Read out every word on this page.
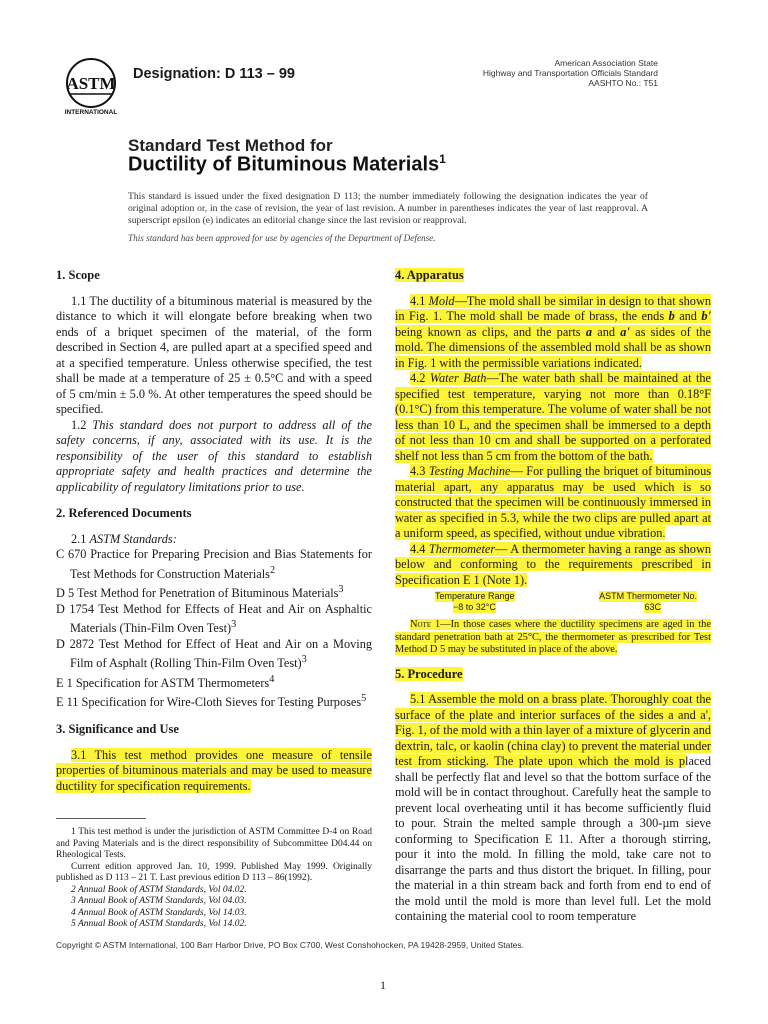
ASTM
INTERNATIONAL
Designation: D 113 – 99
American Association State
Highway and Transportation Officials Standard
AASHTO No.: T51
Standard Test Method for
Ductility of Bituminous Materials$^1$
This standard is issued under the fixed designation D 113; the number immediately following the designation indicates the year of original adoption or, in the case of revision, the year of last revision. A number in parentheses indicates the year of last reapproval. A superscript epsilon (e) indicates an editorial change since the last revision or reapproval.
This standard has been approved for use by agencies of the Department of Defense.
1. Scope

1.1 The ductility of a bituminous material is measured by the distance to which it will elongate before breaking when two ends of a briquet specimen of the material, of the form described in Section 4, are pulled apart at a specified speed and at a specified temperature. Unless otherwise specified, the test shall be made at a temperature of 25 ± 0.5°C and with a speed of 5 cm/min ± 5.0 %. At other temperatures the speed should be specified.

1.2 This standard does not purport to address all of the safety concerns, if any, associated with its use. It is the responsibility of the user of this standard to establish appropriate safety and health practices and determine the applicability of regulatory limitations prior to use.

2. Referenced Documents

2.1 ASTM Standards:

C 670 Practice for Preparing Precision and Bias Statements for Test Methods for Construction Materials$^2$

D 5 Test Method for Penetration of Bituminous Materials$^3$

D 1754 Test Method for Effects of Heat and Air on Asphaltic Materials (Thin-Film Oven Test)$^3$

D 2872 Test Method for Effect of Heat and Air on a Moving Film of Asphalt (Rolling Thin-Film Oven Test)$^3$

E 1 Specification for ASTM Thermometers$^4$

E 11 Specification for Wire-Cloth Sieves for Testing Purposes$^5$

3. Significance and Use

3.1 This test method provides one measure of tensile properties of bituminous materials and may be used to measure ductility for specification requirements.

1 This test method is under the jurisdiction of ASTM Committee D-4 on Road and Paving Materials and is the direct responsibility of Subcommittee D04.44 on Rheological Tests.

Current edition approved Jan. 10, 1999. Published May 1999. Originally published as D 113 – 21 T. Last previous edition D 113 – 86(1992).

2 Annual Book of ASTM Standards, Vol 04.02.

3 Annual Book of ASTM Standards, Vol 04.03.

4 Annual Book of ASTM Standards, Vol 14.03.

5 Annual Book of ASTM Standards, Vol 14.02.

4. Apparatus

4.1 Mold—The mold shall be similar in design to that shown in Fig. 1. The mold shall be made of brass, the ends b and b' being known as clips, and the parts a and a' as sides of the mold. The dimensions of the assembled mold shall be as shown in Fig. 1 with the permissible variations indicated.

4.2 Water Bath—The water bath shall be maintained at the specified test temperature, varying not more than 0.18°F (0.1°C) from this temperature. The volume of water shall be not less than 10 L, and the specimen shall be immersed to a depth of not less than 10 cm and shall be supported on a perforated shelf not less than 5 cm from the bottom of the bath.

4.3 Testing Machine— For pulling the briquet of bituminous material apart, any apparatus may be used which is so constructed that the specimen will be continuously immersed in water as specified in 5.3, while the two clips are pulled apart at a uniform speed, as specified, without undue vibration.

4.4 Thermometer— A thermometer having a range as shown below and conforming to the requirements prescribed in Specification E 1 (Note 1).

Temperature Range	ASTM Thermometer No.
−8 to 32°C	63C

Note 1—In those cases where the ductility specimens are aged in the standard penetration bath at 25°C, the thermometer as prescribed for Test Method D 5 may be substituted in place of the above.

5. Procedure

5.1 Assemble the mold on a brass plate. Thoroughly coat the surface of the plate and interior surfaces of the sides a and a', Fig. 1, of the mold with a thin layer of a mixture of glycerin and dextrin, talc, or kaolin (china clay) to prevent the material under test from sticking. The plate upon which the mold is placed shall be perfectly flat and level so that the bottom surface of the mold will be in contact throughout. Carefully heat the sample to prevent local overheating until it has become sufficiently fluid to pour. Strain the melted sample through a 300-µm sieve conforming to Specification E 11. After a thorough stirring, pour it into the mold. In filling the mold, take care not to disarrange the parts and thus distort the briquet. In filling, pour the material in a thin stream back and forth from end to end of the mold until the mold is more than level full. Let the mold containing the material cool to room temperature

Copyright © ASTM International, 100 Barr Harbor Drive, PO Box C700, West Conshohocken, PA 19428-2959, United States.
1
